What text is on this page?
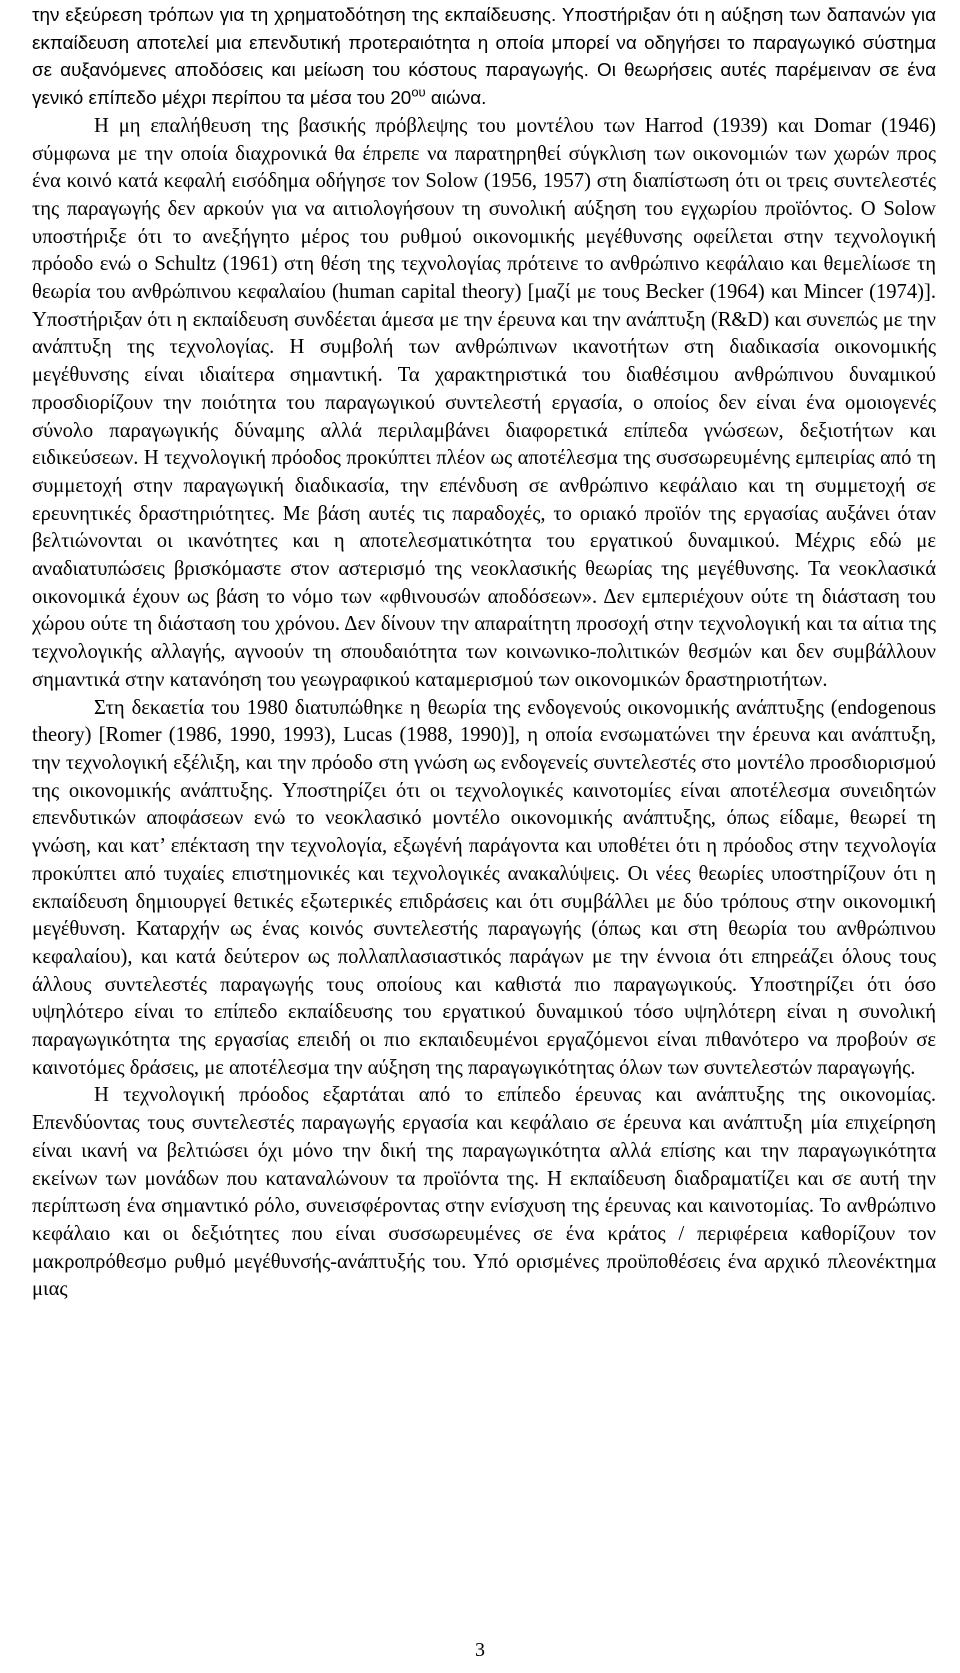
την εξεύρεση τρόπων για τη χρηματοδότηση της εκπαίδευσης. Υποστήριξαν ότι η αύξηση των δαπανών για εκπαίδευση αποτελεί μια επενδυτική προτεραιότητα η οποία μπορεί να οδηγήσει το παραγωγικό σύστημα σε αυξανόμενες αποδόσεις και μείωση του κόστους παραγωγής. Οι θεωρήσεις αυτές παρέμειναν σε ένα γενικό επίπεδο μέχρι περίπου τα μέσα του $20^{o\upsilon}$ αιώνα.

Η μη επαλήθευση της βασικής πρόβλεψης του μοντέλου των Harrod (1939) και Domar (1946) σύμφωνα με την οποία διαχρονικά θα έπρεπε να παρατηρηθεί σύγκλιση των οικονομιών των χωρών προς ένα κοινό κατά κεφαλή εισόδημα οδήγησε τον Solow (1956, 1957) στη διαπίστωση ότι οι τρεις συντελεστές της παραγωγής δεν αρκούν για να αιτιολογήσουν τη συνολική αύξηση του εγχωρίου προϊόντος. Ο Solow υποστήριξε ότι το ανεξήγητο μέρος του ρυθμού οικονομικής μεγέθυνσης οφείλεται στην τεχνολογική πρόοδο ενώ ο Schultz (1961) στη θέση της τεχνολογίας πρότεινε το ανθρώπινο κεφάλαιο και θεμελίωσε τη θεωρία του ανθρώπινου κεφαλαίου (human capital theory) [μαζί με τους Becker (1964) και Mincer (1974)]. Υποστήριξαν ότι η εκπαίδευση συνδέεται άμεσα με την έρευνα και την ανάπτυξη (R&D) και συνεπώς με την ανάπτυξη της τεχνολογίας. Η συμβολή των ανθρώπινων ικανοτήτων στη διαδικασία οικονομικής μεγέθυνσης είναι ιδιαίτερα σημαντική. Τα χαρακτηριστικά του διαθέσιμου ανθρώπινου δυναμικού προσδιορίζουν την ποιότητα του παραγωγικού συντελεστή εργασία, ο οποίος δεν είναι ένα ομοιογενές σύνολο παραγωγικής δύναμης αλλά περιλαμβάνει διαφορετικά επίπεδα γνώσεων, δεξιοτήτων και ειδικεύσεων. Η τεχνολογική πρόοδος προκύπτει πλέον ως αποτέλεσμα της συσσωρευμένης εμπειρίας από τη συμμετοχή στην παραγωγική διαδικασία, την επένδυση σε ανθρώπινο κεφάλαιο και τη συμμετοχή σε ερευνητικές δραστηριότητες. Με βάση αυτές τις παραδοχές, το οριακό προϊόν της εργασίας αυξάνει όταν βελτιώνονται οι ικανότητες και η αποτελεσματικότητα του εργατικού δυναμικού. Μέχρις εδώ με αναδιατυπώσεις βρισκόμαστε στον αστερισμό της νεοκλασικής θεωρίας της μεγέθυνσης. Τα νεοκλασικά οικονομικά έχουν ως βάση το νόμο των «φθινουσών αποδόσεων». Δεν εμπεριέχουν ούτε τη διάσταση του χώρου ούτε τη διάσταση του χρόνου. Δεν δίνουν την απαραίτητη προσοχή στην τεχνολογική και τα αίτια της τεχνολογικής αλλαγής, αγνοούν τη σπουδαιότητα των κοινωνικο-πολιτικών θεσμών και δεν συμβάλλουν σημαντικά στην κατανόηση του γεωγραφικού καταμερισμού των οικονομικών δραστηριοτήτων.

Στη δεκαετία του 1980 διατυπώθηκε η θεωρία της ενδογενούς οικονομικής ανάπτυξης (endogenous theory) [Romer (1986, 1990, 1993), Lucas (1988, 1990)], η οποία ενσωματώνει την έρευνα και ανάπτυξη, την τεχνολογική εξέλιξη, και την πρόοδο στη γνώση ως ενδογενείς συντελεστές στο μοντέλο προσδιορισμού της οικονομικής ανάπτυξης. Υποστηρίζει ότι οι τεχνολογικές καινοτομίες είναι αποτέλεσμα συνειδητών επενδυτικών αποφάσεων ενώ το νεοκλασικό μοντέλο οικονομικής ανάπτυξης, όπως είδαμε, θεωρεί τη γνώση, και κατ’ επέκταση την τεχνολογία, εξωγένή παράγοντα και υποθέτει ότι η πρόοδος στην τεχνολογία προκύπτει από τυχαίες επιστημονικές και τεχνολογικές ανακαλύψεις. Οι νέες θεωρίες υποστηρίζουν ότι η εκπαίδευση δημιουργεί θετικές εξωτερικές επιδράσεις και ότι συμβάλλει με δύο τρόπους στην οικονομική μεγέθυνση. Καταρχήν ως ένας κοινός συντελεστής παραγωγής (όπως και στη θεωρία του ανθρώπινου κεφαλαίου), και κατά δεύτερον ως πολλαπλασιαστικός παράγων με την έννοια ότι επηρεάζει όλους τους άλλους συντελεστές παραγωγής τους οποίους και καθιστά πιο παραγωγικούς. Υποστηρίζει ότι όσο υψηλότερο είναι το επίπεδο εκπαίδευσης του εργατικού δυναμικού τόσο υψηλότερη είναι η συνολική παραγωγικότητα της εργασίας επειδή οι πιο εκπαιδευμένοι εργαζόμενοι είναι πιθανότερο να προβούν σε καινοτόμες δράσεις, με αποτέλεσμα την αύξηση της παραγωγικότητας όλων των συντελεστών παραγωγής.

Η τεχνολογική πρόοδος εξαρτάται από το επίπεδο έρευνας και ανάπτυξης της οικονομίας. Επενδύοντας τους συντελεστές παραγωγής εργασία και κεφάλαιο σε έρευνα και ανάπτυξη μία επιχείρηση είναι ικανή να βελτιώσει όχι μόνο την δική της παραγωγικότητα αλλά επίσης και την παραγωγικότητα εκείνων των μονάδων που καταναλώνουν τα προϊόντα της. Η εκπαίδευση διαδραματίζει και σε αυτή την περίπτωση ένα σημαντικό ρόλο, συνεισφέροντας στην ενίσχυση της έρευνας και καινοτομίας. Το ανθρώπινο κεφάλαιο και οι δεξιότητες που είναι συσσωρευμένες σε ένα κράτος / περιφέρεια καθορίζουν τον μακροπρόθεσμο ρυθμό μεγέθυνσής-ανάπτυξής του. Υπό ορισμένες προϋποθέσεις ένα αρχικό πλεονέκτημα μιας

3
